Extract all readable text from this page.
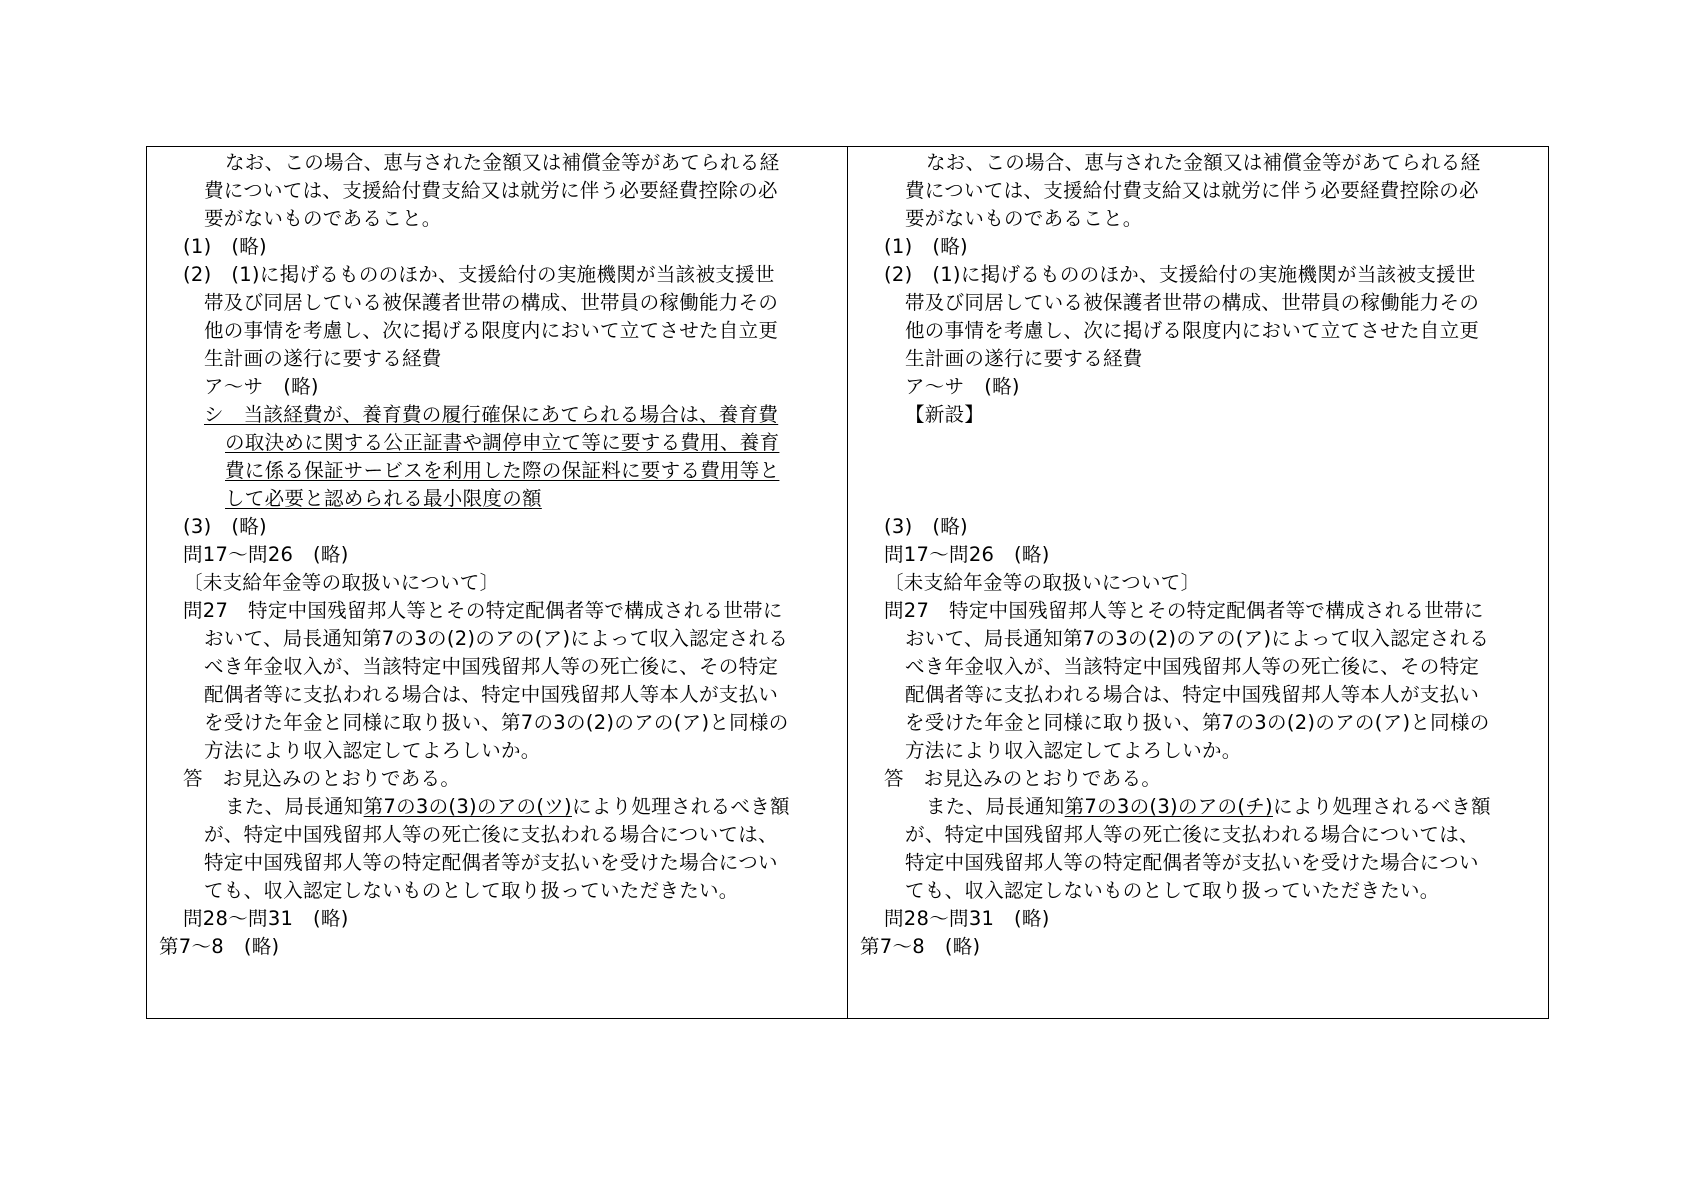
なお、この場合、恵与された金額又は補償金等があてられる経
費については、支援給付費支給又は就労に伴う必要経費控除の必
要がないものであること。
(1)　(略)
(2)　(1)に掲げるもののほか、支援給付の実施機関が当該被支援世
帯及び同居している被保護者世帯の構成、世帯員の稼働能力その
他の事情を考慮し、次に掲げる限度内において立てさせた自立更
生計画の遂行に要する経費
ア～サ　(略)
シ　当該経費が、養育費の履行確保にあてられる場合は、養育費
の取決めに関する公正証書や調停申立て等に要する費用、養育
費に係る保証サービスを利用した際の保証料に要する費用等と
して必要と認められる最小限度の額
(3)　(略)
問17～問26　(略)
〔未支給年金等の取扱いについて〕
問27　特定中国残留邦人等とその特定配偶者等で構成される世帯に
おいて、局長通知第7の3の(2)のアの(ア)によって収入認定される
べき年金収入が、当該特定中国残留邦人等の死亡後に、その特定
配偶者等に支払われる場合は、特定中国残留邦人等本人が支払い
を受けた年金と同様に取り扱い、第7の3の(2)のアの(ア)と同様の
方法により収入認定してよろしいか。
答　お見込みのとおりである。
また、局長通知第7の3の(3)のアの(ツ)により処理されるべき額
が、特定中国残留邦人等の死亡後に支払われる場合については、
特定中国残留邦人等の特定配偶者等が支払いを受けた場合につい
ても、収入認定しないものとして取り扱っていただきたい。
問28～問31　(略)
第7～8　(略)
なお、この場合、恵与された金額又は補償金等があてられる経
費については、支援給付費支給又は就労に伴う必要経費控除の必
要がないものであること。
(1)　(略)
(2)　(1)に掲げるもののほか、支援給付の実施機関が当該被支援世
帯及び同居している被保護者世帯の構成、世帯員の稼働能力その
他の事情を考慮し、次に掲げる限度内において立てさせた自立更
生計画の遂行に要する経費
ア～サ　(略)
【新設】
(3)　(略)
問17～問26　(略)
〔未支給年金等の取扱いについて〕
問27　特定中国残留邦人等とその特定配偶者等で構成される世帯に
おいて、局長通知第7の3の(2)のアの(ア)によって収入認定される
べき年金収入が、当該特定中国残留邦人等の死亡後に、その特定
配偶者等に支払われる場合は、特定中国残留邦人等本人が支払い
を受けた年金と同様に取り扱い、第7の3の(2)のアの(ア)と同様の
方法により収入認定してよろしいか。
答　お見込みのとおりである。
また、局長通知第7の3の(3)のアの(チ)により処理されるべき額
が、特定中国残留邦人等の死亡後に支払われる場合については、
特定中国残留邦人等の特定配偶者等が支払いを受けた場合につい
ても、収入認定しないものとして取り扱っていただきたい。
問28～問31　(略)
第7～8　(略)
